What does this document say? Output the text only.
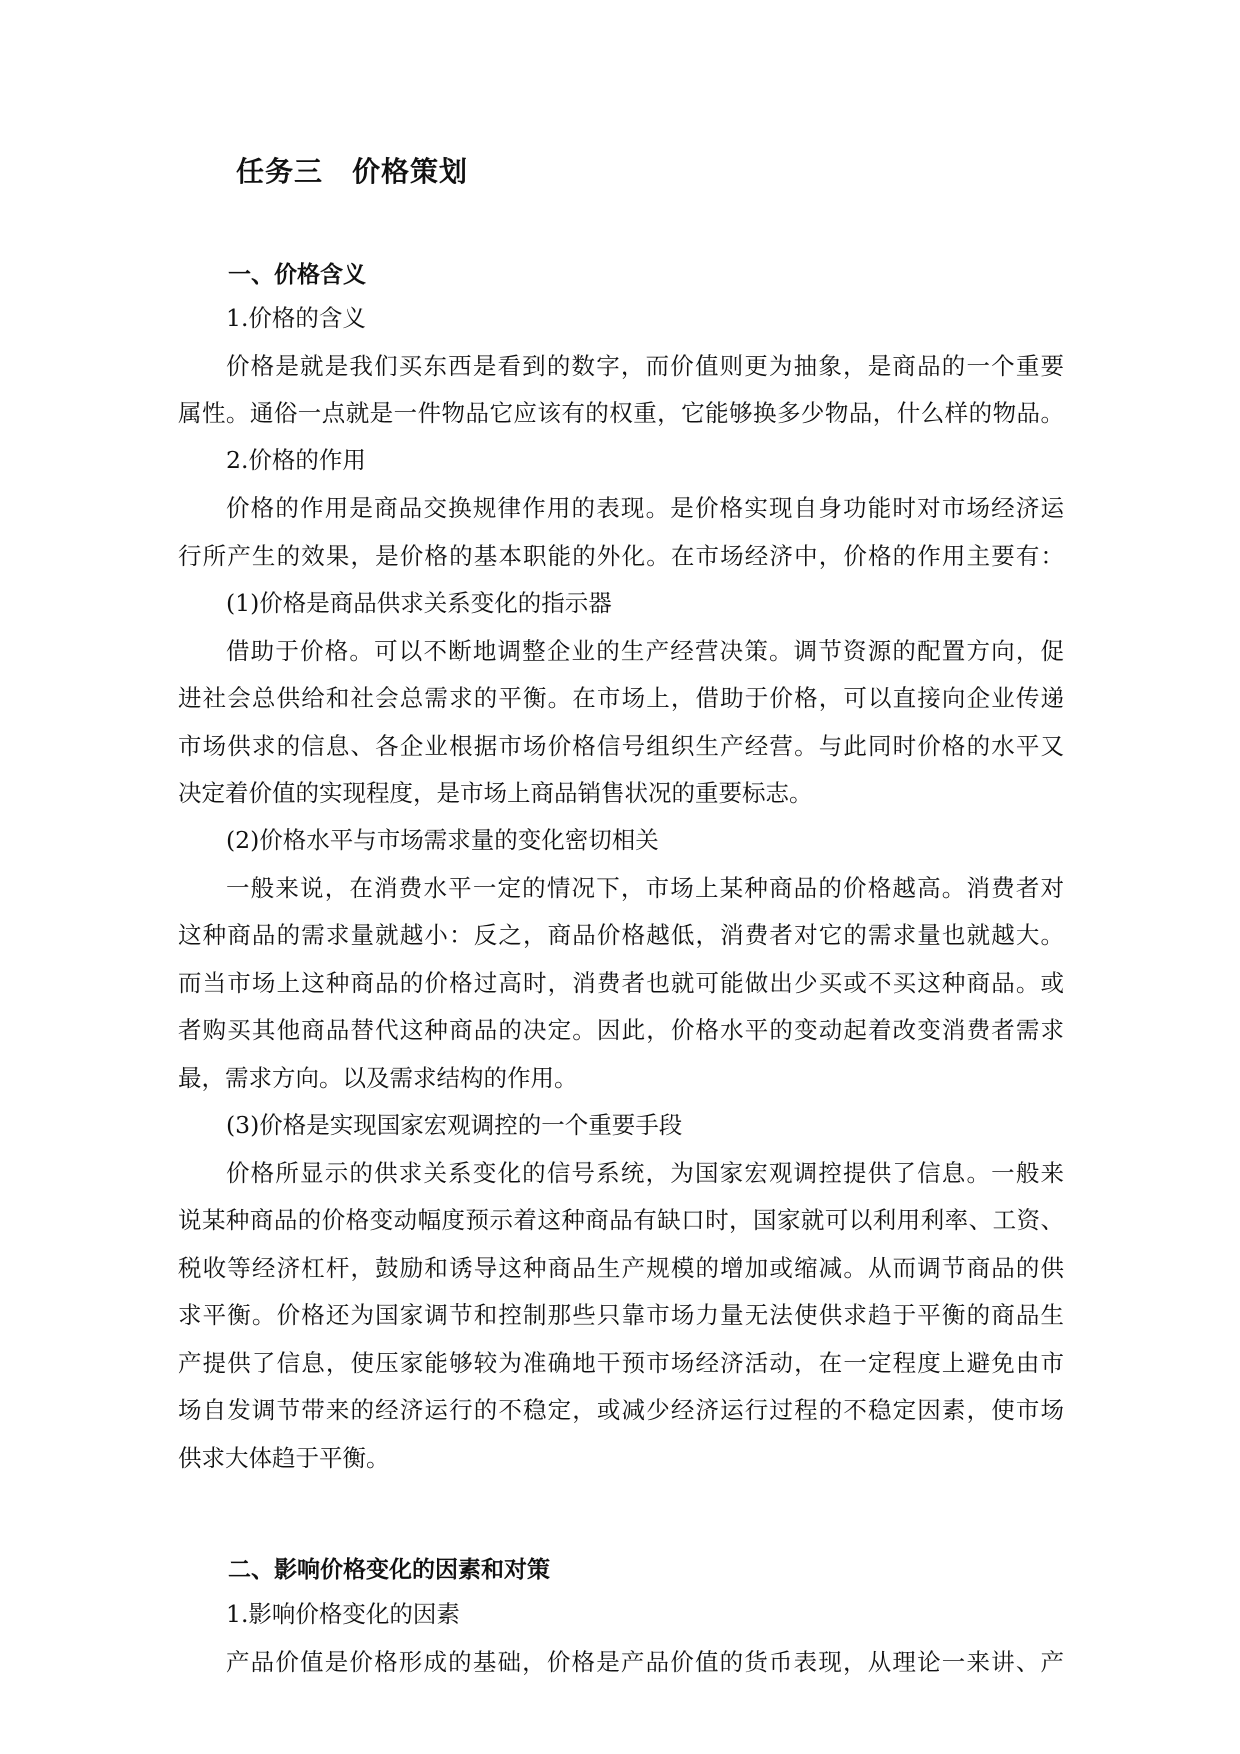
任务三　价格策划
一、价格含义
1.价格的含义
价格是就是我们买东西是看到的数字，而价值则更为抽象，是商品的一个重要
属性。通俗一点就是一件物品它应该有的权重，它能够换多少物品，什么样的物品。
2.价格的作用
价格的作用是商品交换规律作用的表现。是价格实现自身功能时对市场经济运
行所产生的效果，是价格的基本职能的外化。在市场经济中，价格的作用主要有：
(1)价格是商品供求关系变化的指示器
借助于价格。可以不断地调整企业的生产经营决策。调节资源的配置方向，促
进社会总供给和社会总需求的平衡。在市场上，借助于价格，可以直接向企业传递
市场供求的信息、各企业根据市场价格信号组织生产经营。与此同时价格的水平又
决定着价值的实现程度，是市场上商品销售状况的重要标志。
(2)价格水平与市场需求量的变化密切相关
一般来说，在消费水平一定的情况下，市场上某种商品的价格越高。消费者对
这种商品的需求量就越小：反之，商品价格越低，消费者对它的需求量也就越大。
而当市场上这种商品的价格过高时，消费者也就可能做出少买或不买这种商品。或
者购买其他商品替代这种商品的决定。因此，价格水平的变动起着改变消费者需求
最，需求方向。以及需求结构的作用。
(3)价格是实现国家宏观调控的一个重要手段
价格所显示的供求关系变化的信号系统，为国家宏观调控提供了信息。一般来
说某种商品的价格变动幅度预示着这种商品有缺口时，国家就可以利用利率、工资、
税收等经济杠杆，鼓励和诱导这种商品生产规模的增加或缩减。从而调节商品的供
求平衡。价格还为国家调节和控制那些只靠市场力量无法使供求趋于平衡的商品生
产提供了信息，使压家能够较为准确地干预市场经济活动，在一定程度上避免由市
场自发调节带来的经济运行的不稳定，或减少经济运行过程的不稳定因素，使市场
供求大体趋于平衡。
二、影响价格变化的因素和对策
1.影响价格变化的因素
产品价值是价格形成的基础，价格是产品价值的货币表现，从理论一来讲、产
